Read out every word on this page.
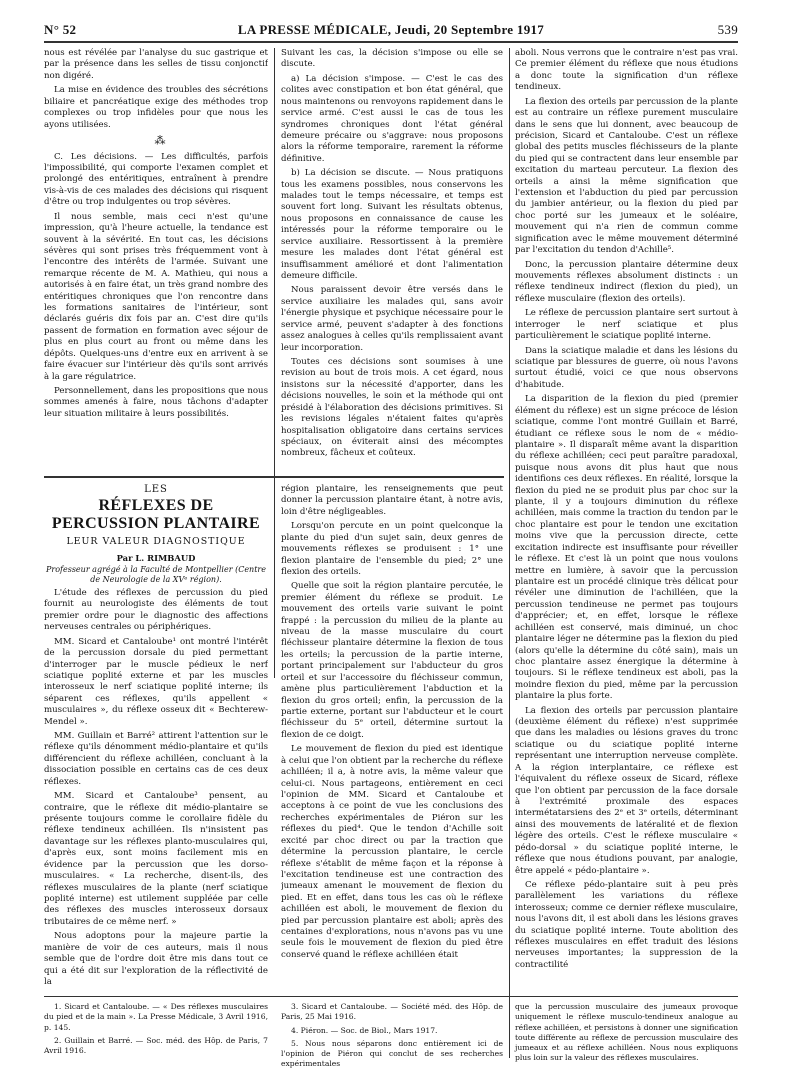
N° 52	LA PRESSE MÉDICALE, Jeudi, 20 Septembre 1917	539

nous est révélée par l'analyse du suc gastrique et par la présence dans les selles de tissu conjonctif non digéré.

La mise en évidence des troubles des sécrétions biliaire et pancréatique exige des méthodes trop complexes ou trop infidèles pour que nous les ayons utilisées.

⁂

C. Les décisions. — Les difficultés, parfois l'impossibilité, qui comporte l'examen complet et prolongé des entéritiques, entraînent à prendre vis-à-vis de ces malades des décisions qui risquent d'être ou trop indulgentes ou trop sévères.

Il nous semble, mais ceci n'est qu'une impression, qu'à l'heure actuelle, la tendance est souvent à la sévérité. En tout cas, les décisions sévères qui sont prises très fréquemment vont à l'encontre des intérêts de l'armée. Suivant une remarque récente de M. A. Mathieu, qui nous a autorisés à en faire état, un très grand nombre des entéritiques chroniques que l'on rencontre dans les formations sanitaires de l'intérieur, sont déclarés guéris dix fois par an. C'est dire qu'ils passent de formation en formation avec séjour de plus en plus court au front ou même dans les dépôts. Quelques-uns d'entre eux en arrivent à se faire évacuer sur l'intérieur dès qu'ils sont arrivés à la gare régulatrice.

Personnellement, dans les propositions que nous sommes amenés à faire, nous tâchons d'adapter leur situation militaire à leurs possibilités.

Suivant les cas, la décision s'impose ou elle se discute.

a) La décision s'impose. — C'est le cas des colites avec constipation et bon état général, que nous maintenons ou renvoyons rapidement dans le service armé. C'est aussi le cas de tous les syndromes chroniques dont l'état général demeure précaire ou s'aggrave: nous proposons alors la réforme temporaire, rarement la réforme définitive.

b) La décision se discute. — Nous pratiquons tous les examens possibles, nous conservons les malades tout le temps nécessaire, et temps est souvent fort long. Suivant les résultats obtenus, nous proposons en connaissance de cause les intéressés pour la réforme temporaire ou le service auxiliaire. Ressortissent à la première mesure les malades dont l'état général est insuffisamment amélioré et dont l'alimentation demeure difficile.

Nous paraissent devoir être versés dans le service auxiliaire les malades qui, sans avoir l'énergie physique et psychique nécessaire pour le service armé, peuvent s'adapter à des fonctions assez analogues à celles qu'ils remplissaient avant leur incorporation.

Toutes ces décisions sont soumises à une revision au bout de trois mois. A cet égard, nous insistons sur la nécessité d'apporter, dans les décisions nouvelles, le soin et la méthode qui ont présidé à l'élaboration des décisions primitives. Si les revisions légales n'étaient faites qu'après hospitalisation obligatoire dans certains services spéciaux, on éviterait ainsi des mécomptes nombreux, fâcheux et coûteux.

LES
RÉFLEXES DE PERCUSSION PLANTAIRE
LEUR VALEUR DIAGNOSTIQUE
Par L. RIMBAUD
Professeur agrégé à la Faculté de Montpellier (Centre de Neurologie de la XVᵉ région).

L'étude des réflexes de percussion du pied fournit au neurologiste des éléments de tout premier ordre pour le diagnostic des affections nerveuses centrales ou périphériques.

MM. Sicard et Cantaloube¹ ont montré l'intérêt de la percussion dorsale du pied permettant d'interroger par le muscle pédieux le nerf sciatique poplité externe et par les muscles interosseux le nerf sciatique poplité interne; ils séparent ces réflexes, qu'ils appellent « musculaires », du réflexe osseux dit « Bechterew-Mendel ».

MM. Guillain et Barré² attirent l'attention sur le réflexe qu'ils dénomment médio-plantaire et qu'ils différencient du réflexe achilléen, concluant à la dissociation possible en certains cas de ces deux réflexes.

MM. Sicard et Cantaloube³ pensent, au contraire, que le réflexe dit médio-plantaire se présente toujours comme le corollaire fidèle du réflexe tendineux achilléen. Ils n'insistent pas davantage sur les réflexes planto-musculaires qui, d'après eux, sont moins facilement mis en évidence par la percussion que les dorso-musculaires. « La recherche, disent-ils, des réflexes musculaires de la plante (nerf sciatique poplité interne) est utilement suppléée par celle des réflexes des muscles interosseux dorsaux tributaires de ce même nerf. »

Nous adoptons pour la majeure partie la manière de voir de ces auteurs, mais il nous semble que de l'ordre doit être mis dans tout ce qui a été dit sur l'exploration de la réflectivité de la

région plantaire, les renseignements que peut donner la percussion plantaire étant, à notre avis, loin d'être négligeables.

Lorsqu'on percute en un point quelconque la plante du pied d'un sujet sain, deux genres de mouvements réflexes se produisent : 1° une flexion plantaire de l'ensemble du pied; 2° une flexion des orteils.

Quelle que soit la région plantaire percutée, le premier élément du réflexe se produit. Le mouvement des orteils varie suivant le point frappé : la percussion du milieu de la plante au niveau de la masse musculaire du court fléchisseur plantaire détermine la flexion de tous les orteils; la percussion de la partie interne, portant principalement sur l'abducteur du gros orteil et sur l'accessoire du fléchisseur commun, amène plus particulièrement l'abduction et la flexion du gros orteil; enfin, la percussion de la partie externe, portant sur l'abducteur et le court fléchisseur du 5ᵉ orteil, détermine surtout la flexion de ce doigt.

Le mouvement de flexion du pied est identique à celui que l'on obtient par la recherche du réflexe achilléen; il a, à notre avis, la même valeur que celui-ci. Nous partageons, entièrement en ceci l'opinion de MM. Sicard et Cantaloube et acceptons à ce point de vue les conclusions des recherches expérimentales de Piéron sur les réflexes du pied⁴. Que le tendon d'Achille soit excité par choc direct ou par la traction que détermine la percussion plantaire, le cercle réflexe s'établit de même façon et la réponse à l'excitation tendineuse est une contraction des jumeaux amenant le mouvement de flexion du pied. Et en effet, dans tous les cas où le réflexe achilléen est aboli, le mouvement de flexion du pied par percussion plantaire est aboli; après des centaines d'explorations, nous n'avons pas vu une seule fois le mouvement de flexion du pied être conservé quand le réflexe achilléen était

aboli. Nous verrons que le contraire n'est pas vrai. Ce premier élément du réflexe que nous étudions a donc toute la signification d'un réflexe tendineux.

La flexion des orteils par percussion de la plante est au contraire un réflexe purement musculaire dans le sens que lui donnent, avec beaucoup de précision, Sicard et Cantaloube. C'est un réflexe global des petits muscles fléchisseurs de la plante du pied qui se contractent dans leur ensemble par excitation du marteau percuteur. La flexion des orteils a ainsi la même signification que l'extension et l'abduction du pied par percussion du jambier antérieur, ou la flexion du pied par choc porté sur les jumeaux et le soléaire, mouvement qui n'a rien de commun comme signification avec le même mouvement déterminé par l'excitation du tendon d'Achille⁵.

Donc, la percussion plantaire détermine deux mouvements réflexes absolument distincts : un réflexe tendineux indirect (flexion du pied), un réflexe musculaire (flexion des orteils).

Le réflexe de percussion plantaire sert surtout à interroger le nerf sciatique et plus particulièrement le sciatique poplité interne.

Dans la sciatique maladie et dans les lésions du sciatique par blessures de guerre, où nous l'avons surtout étudié, voici ce que nous observons d'habitude.

La disparition de la flexion du pied (premier élément du réflexe) est un signe précoce de lésion sciatique, comme l'ont montré Guillain et Barré, étudiant ce réflexe sous le nom de « médio-plantaire ». Il disparaît même avant la disparition du réflexe achilléen; ceci peut paraître paradoxal, puisque nous avons dit plus haut que nous identifions ces deux réflexes. En réalité, lorsque la flexion du pied ne se produit plus par choc sur la plante, il y a toujours diminution du réflexe achilléen, mais comme la traction du tendon par le choc plantaire est pour le tendon une excitation moins vive que la percussion directe, cette excitation indirecte est insuffisante pour réveiller le réflexe. Et c'est là un point que nous voulons mettre en lumière, à savoir que la percussion plantaire est un procédé clinique très délicat pour révéler une diminution de l'achilléen, que la percussion tendineuse ne permet pas toujours d'apprécier; et, en effet, lorsque le réflexe achilléen est conservé, mais diminué, un choc plantaire léger ne détermine pas la flexion du pied (alors qu'elle la détermine du côté sain), mais un choc plantaire assez énergique la détermine à toujours. Si le réflexe tendineux est aboli, pas la moindre flexion du pied, même par la percussion plantaire la plus forte.

La flexion des orteils par percussion plantaire (deuxième élément du réflexe) n'est supprimée que dans les maladies ou lésions graves du tronc sciatique ou du sciatique poplité interne représentant une interruption nerveuse complète. A la région interplantaire, ce réflexe est l'équivalent du réflexe osseux de Sicard, réflexe que l'on obtient par percussion de la face dorsale à l'extrémité proximale des espaces intermétatarsiens des 2ᵉ et 3ᵉ orteils, déterminant ainsi des mouvements de latéralité et de flexion légère des orteils. C'est le réflexe musculaire « pédo-dorsal » du sciatique poplité interne, le réflexe que nous étudions pouvant, par analogie, être appelé « pédo-plantaire ».

Ce réflexe pédo-plantaire suit à peu près parallèlement les variations du réflexe interosseux; comme ce dernier réflexe musculaire, nous l'avons dit, il est aboli dans les lésions graves du sciatique poplité interne. Toute abolition des réflexes musculaires en effet traduit des lésions nerveuses importantes; la suppression de la contractilité

1. Sicard et Cantaloube. — « Des réflexes musculaires du pied et de la main ». La Presse Médicale, 3 Avril 1916, p. 145.

2. Guillain et Barré. — Soc. méd. des Hôp. de Paris, 7 Avril 1916.

3. Sicard et Cantaloube. — Société méd. des Hôp. de Paris, 25 Mai 1916.

4. Piéron. — Soc. de Biol., Mars 1917.

5. Nous nous séparons donc entièrement ici de l'opinion de Piéron qui conclut de ses recherches expérimentales

que la percussion musculaire des jumeaux provoque uniquement le réflexe musculo-tendineux analogue au réflexe achilléen, et persistons à donner une signification toute différente au réflexe de percussion musculaire des jumeaux et au réflexe achilléen. Nous nous expliquons plus loin sur la valeur des réflexes musculaires.
